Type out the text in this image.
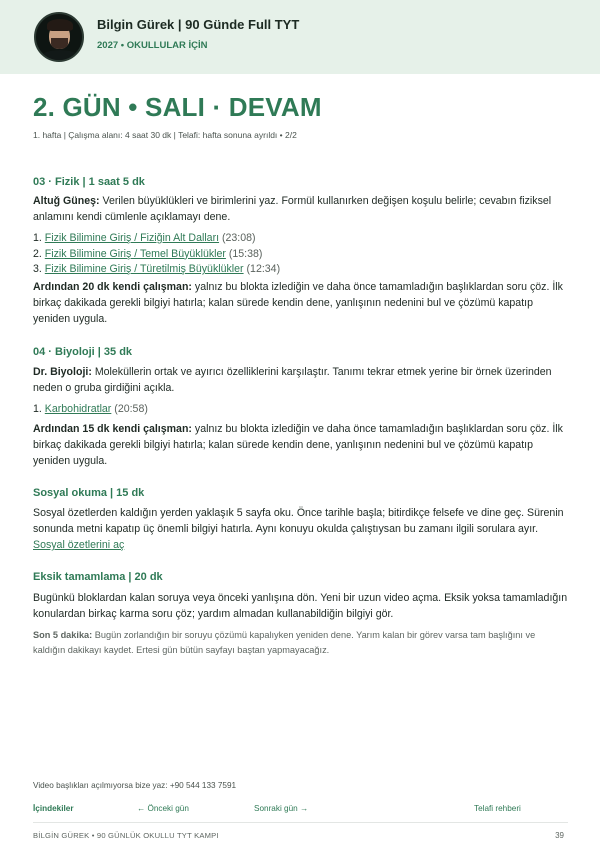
Bilgin Gürek | 90 Günde Full TYT
2027 • OKULLULAR İÇİN
2. GÜN • SALI · DEVAM
1. hafta | Çalışma alanı: 4 saat 30 dk | Telafi: hafta sonuna ayrıldı • 2/2
03 · Fizik | 1 saat 5 dk

Altuğ Güneş: Verilen büyüklükleri ve birimlerini yaz. Formül kullanırken değişen koşulu belirle; cevabın fiziksel anlamını kendi cümlenle açıklamayı dene.

1. Fizik Bilimine Giriş / Fiziğin Alt Dalları (23:08)
2. Fizik Bilimine Giriş / Temel Büyüklükler (15:38)
3. Fizik Bilimine Giriş / Türetilmiş Büyüklükler (12:34)

Ardından 20 dk kendi çalışman: yalnız bu blokta izlediğin ve daha önce tamamladığın başlıklardan soru çöz. İlk birkaç dakikada gerekli bilgiyi hatırla; kalan sürede kendin dene, yanlışının nedenini bul ve çözümü kapatıp yeniden uygula.

04 · Biyoloji | 35 dk

Dr. Biyoloji: Moleküllerin ortak ve ayırıcı özelliklerini karşılaştır. Tanımı tekrar etmek yerine bir örnek üzerinden neden o gruba girdiğini açıkla.

1. Karbohidratlar (20:58)

Ardından 15 dk kendi çalışman: yalnız bu blokta izlediğin ve daha önce tamamladığın başlıklardan soru çöz. İlk birkaç dakikada gerekli bilgiyi hatırla; kalan sürede kendin dene, yanlışının nedenini bul ve çözümü kapatıp yeniden uygula.

Sosyal okuma | 15 dk

Sosyal özetlerden kaldığın yerden yaklaşık 5 sayfa oku. Önce tarihle başla; bitirdikçe felsefe ve dine geç. Sürenin sonunda metni kapatıp üç önemli bilgiyi hatırla. Aynı konuyu okulda çalıştıysan bu zamanı ilgili sorulara ayır. Sosyal özetlerini aç

Eksik tamamlama | 20 dk

Bugünkü bloklardan kalan soruya veya önceki yanlışına dön. Yeni bir uzun video açma. Eksik yoksa tamamladığın konulardan birkaç karma soru çöz; yardım almadan kullanabildiğin bilgiyi gör.

Son 5 dakika: Bugün zorlandığın bir soruyu çözümü kapalıyken yeniden dene. Yarım kalan bir görev varsa tam başlığını ve kaldığın dakikayı kaydet. Ertesi gün bütün sayfayı baştan yapmayacağız.

Video başlıkları açılmıyorsa bize yaz: +90 544 133 7591
İçindekiler	← Önceki gün	Sonraki gün →	Telafi rehberi
BİLGİN GÜREK • 90 GÜNLÜK OKULLU TYT KAMPI	39
